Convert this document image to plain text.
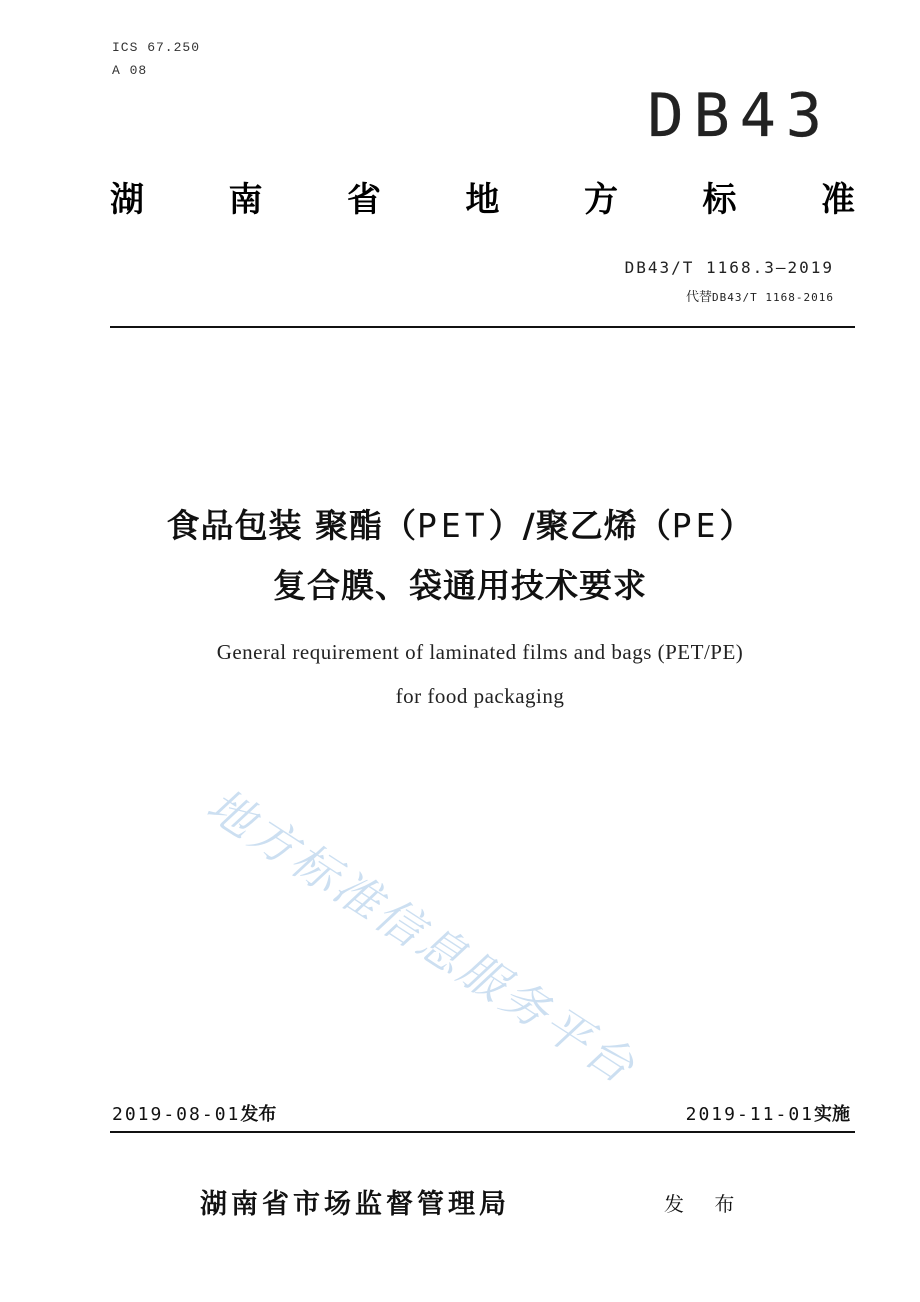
ICS 67.250
A 08
DB43
湖 南 省 地 方 标 准
DB43/T 1168.3—2019
代替DB43/T 1168-2016
食品包装 聚酯（PET）/聚乙烯（PE）
复合膜、袋通用技术要求
General requirement of laminated films and bags (PET/PE)
for food packaging
地方标准信息服务平台
2019-08-01发布	2019-11-01实施
湖南省市场监督管理局	发 布
